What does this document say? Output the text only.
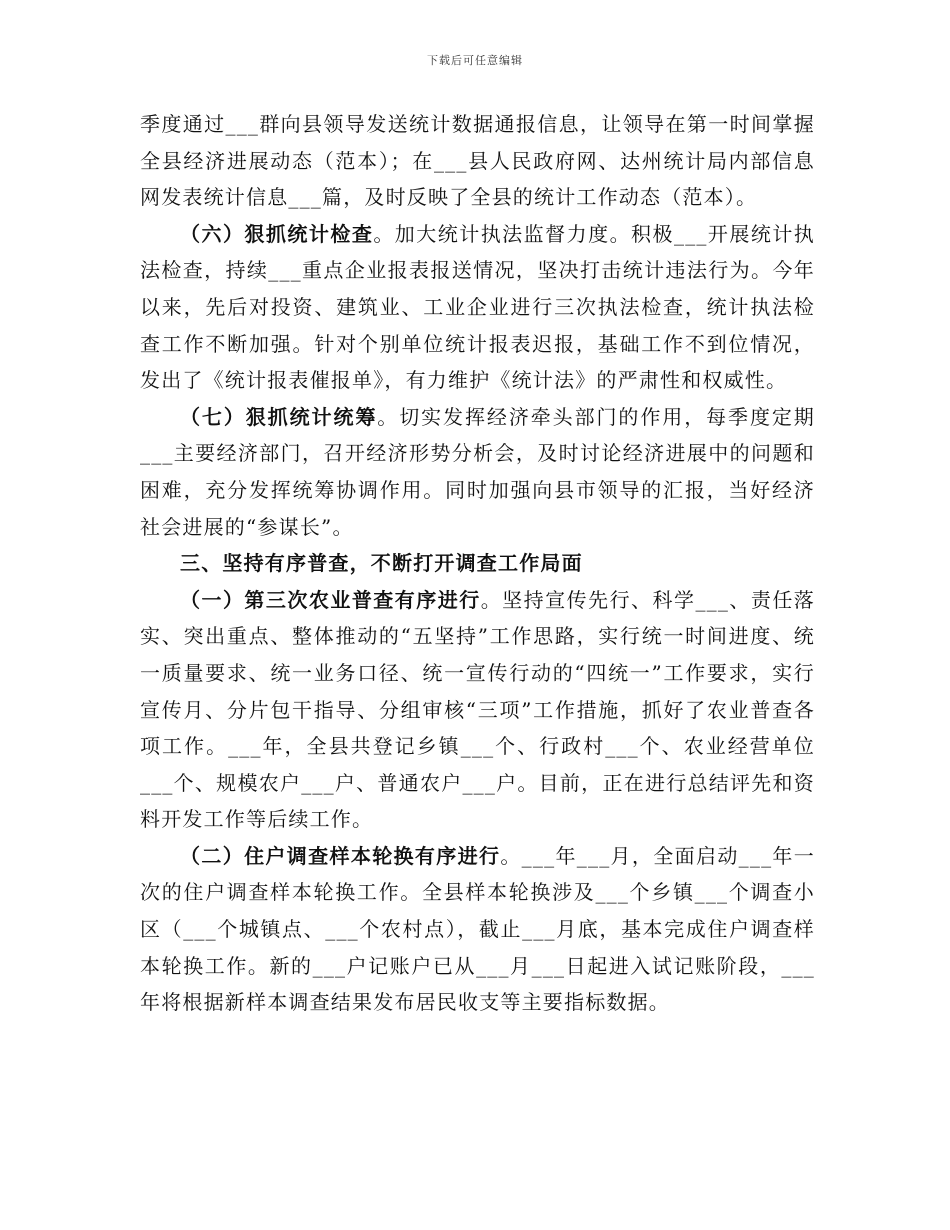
下载后可任意编辑

季度通过___群向县领导发送统计数据通报信息，让领导在第一时间掌握全县经济进展动态（范本）；在___县人民政府网、达州统计局内部信息网发表统计信息___篇，及时反映了全县的统计工作动态（范本）。

（六）狠抓统计检查。加大统计执法监督力度。积极___开展统计执法检查，持续___重点企业报表报送情况，坚决打击统计违法行为。今年以来，先后对投资、建筑业、工业企业进行三次执法检查，统计执法检查工作不断加强。针对个别单位统计报表迟报，基础工作不到位情况，发出了《统计报表催报单》，有力维护《统计法》的严肃性和权威性。

（七）狠抓统计统筹。切实发挥经济牵头部门的作用，每季度定期___主要经济部门，召开经济形势分析会，及时讨论经济进展中的问题和困难，充分发挥统筹协调作用。同时加强向县市领导的汇报，当好经济社会进展的“参谋长”。

三、坚持有序普查，不断打开调查工作局面

（一）第三次农业普查有序进行。坚持宣传先行、科学___、责任落实、突出重点、整体推动的“五坚持”工作思路，实行统一时间进度、统一质量要求、统一业务口径、统一宣传行动的“四统一”工作要求，实行宣传月、分片包干指导、分组审核“三项”工作措施，抓好了农业普查各项工作。___年，全县共登记乡镇___个、行政村___个、农业经营单位___个、规模农户___户、普通农户___户。目前，正在进行总结评先和资料开发工作等后续工作。

（二）住户调查样本轮换有序进行。___年___月，全面启动___年一次的住户调查样本轮换工作。全县样本轮换涉及___个乡镇___个调查小区（___个城镇点、___个农村点），截止___月底，基本完成住户调查样本轮换工作。新的___户记账户已从___月___日起进入试记账阶段，___年将根据新样本调查结果发布居民收支等主要指标数据。
